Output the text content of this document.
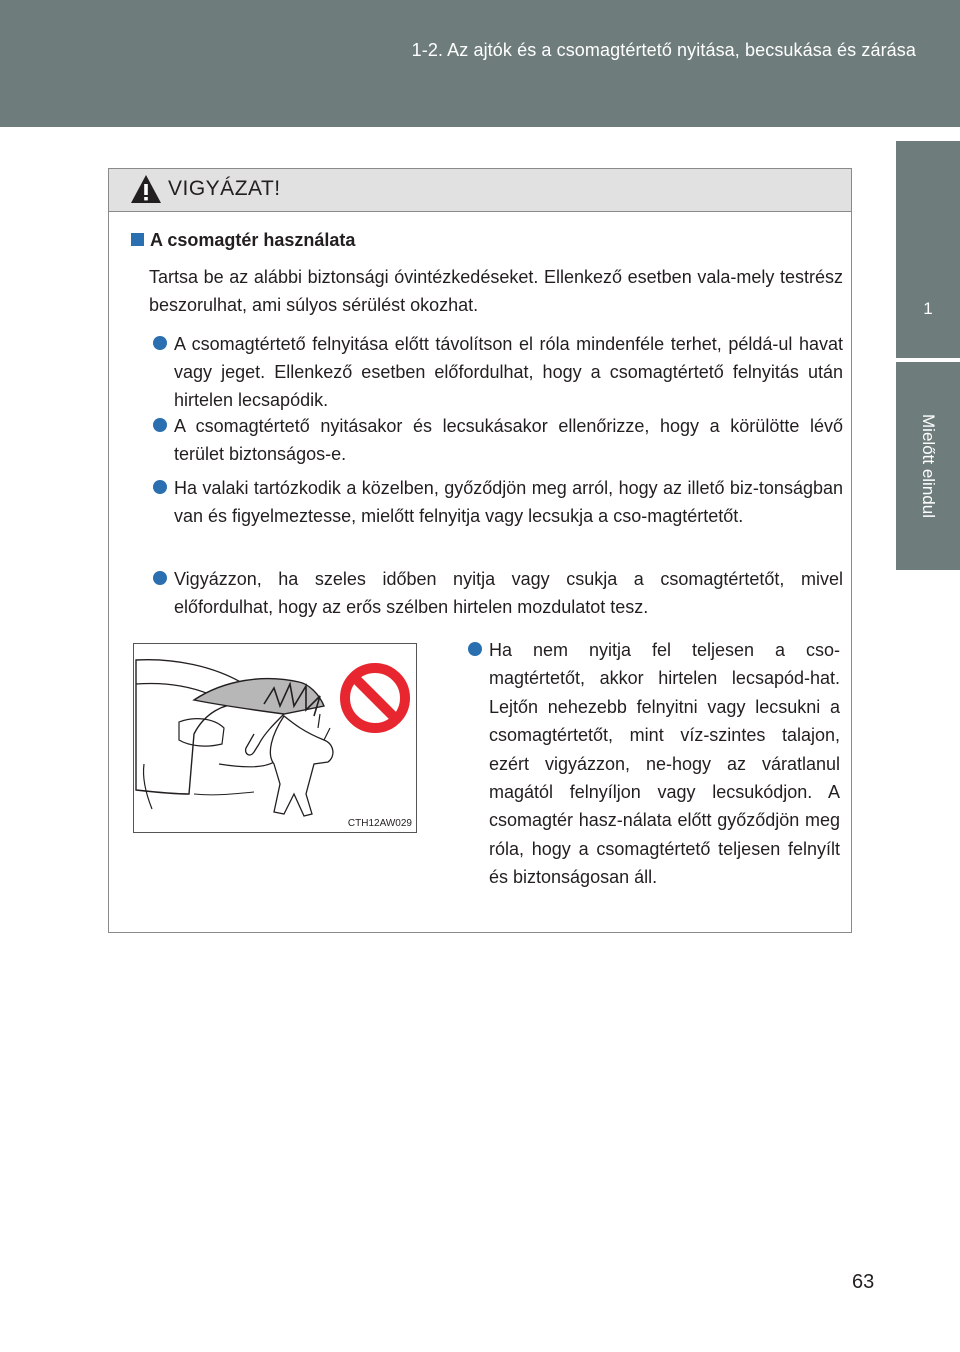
1-2. Az ajtók és a csomagtértető nyitása, becsukása és zárása
1
Mielőtt elindul
VIGYÁZAT!
A csomagtér használata
Tartsa be az alábbi biztonsági óvintézkedéseket. Ellenkező esetben vala-mely testrész beszorulhat, ami súlyos sérülést okozhat.
A csomagtértető felnyitása előtt távolítson el róla mindenféle terhet, példá-ul havat vagy jeget. Ellenkező esetben előfordulhat, hogy a csomagtértető felnyitás után hirtelen lecsapódik.
A csomagtértető nyitásakor és lecsukásakor ellenőrizze, hogy a körülötte lévő terület biztonságos-e.
Ha valaki tartózkodik a közelben, győződjön meg arról, hogy az illető biz-tonságban van és figyelmeztesse, mielőtt felnyitja vagy lecsukja a cso-magtértetőt.
Vigyázzon, ha szeles időben nyitja vagy csukja a csomagtértetőt, mivel előfordulhat, hogy az erős szélben hirtelen mozdulatot tesz.
CTH12AW029
Ha nem nyitja fel teljesen a cso-magtértetőt, akkor hirtelen lecsapód-hat. Lejtőn nehezebb felnyitni vagy lecsukni a csomagtértetőt, mint víz-szintes talajon, ezért vigyázzon, ne-hogy az váratlanul magától felnyíljon vagy lecsukódjon. A csomagtér hasz-nálata előtt győződjön meg róla, hogy a csomagtértető teljesen felnyílt és biztonságosan áll.
63
